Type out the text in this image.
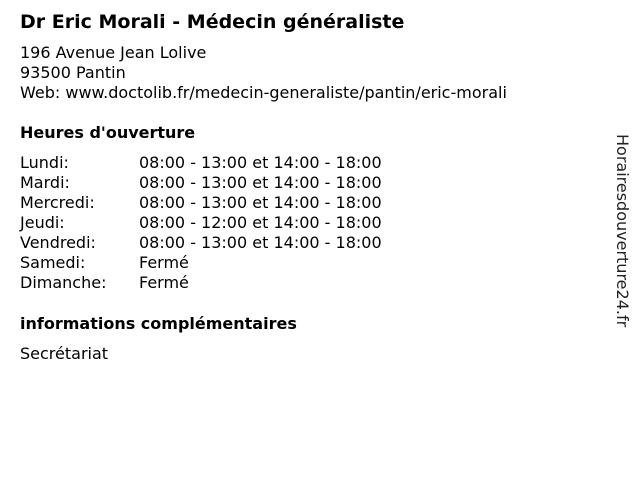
Dr Eric Morali - Médecin généraliste
196 Avenue Jean Lolive
93500 Pantin
Web: www.doctolib.fr/medecin-generaliste/pantin/eric-morali
Heures d'ouverture
Lundi:	08:00 - 13:00 et 14:00 - 18:00
Mardi:	08:00 - 13:00 et 14:00 - 18:00
Mercredi:	08:00 - 13:00 et 14:00 - 18:00
Jeudi:	08:00 - 12:00 et 14:00 - 18:00
Vendredi:	08:00 - 13:00 et 14:00 - 18:00
Samedi:	Fermé
Dimanche: Fermé
informations complémentaires
Secrétariat
Horairesdouverture24.fr
